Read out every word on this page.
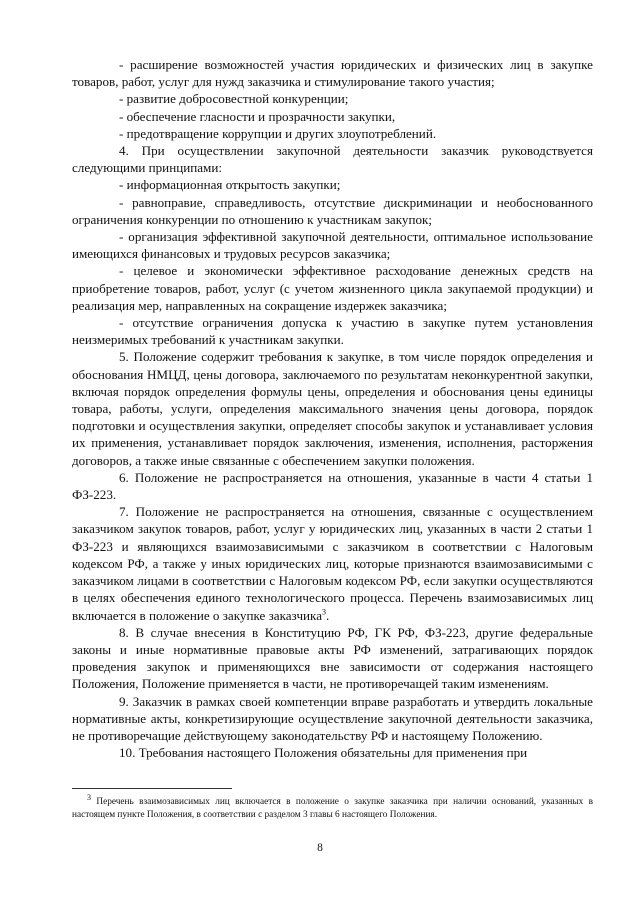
- расширение возможностей участия юридических и физических лиц в закупке товаров, работ, услуг для нужд заказчика и стимулирование такого участия;

- развитие добросовестной конкуренции;

- обеспечение гласности и прозрачности закупки,

- предотвращение коррупции и других злоупотреблений.

4. При осуществлении закупочной деятельности заказчик руководствуется следующими принципами:

- информационная открытость закупки;

- равноправие, справедливость, отсутствие дискриминации и необоснованного ограничения конкуренции по отношению к участникам закупок;

- организация эффективной закупочной деятельности, оптимальное использование имеющихся финансовых и трудовых ресурсов заказчика;

- целевое и экономически эффективное расходование денежных средств на приобретение товаров, работ, услуг (с учетом жизненного цикла закупаемой продукции) и реализация мер, направленных на сокращение издержек заказчика;

- отсутствие ограничения допуска к участию в закупке путем установления неизмеримых требований к участникам закупки.

5. Положение содержит требования к закупке, в том числе порядок определения и обоснования НМЦД, цены договора, заключаемого по результатам неконкурентной закупки, включая порядок определения формулы цены, определения и обоснования цены единицы товара, работы, услуги, определения максимального значения цены договора, порядок подготовки и осуществления закупки, определяет способы закупок и устанавливает условия их применения, устанавливает порядок заключения, изменения, исполнения, расторжения договоров, а также иные связанные с обеспечением закупки положения.

6. Положение не распространяется на отношения, указанные в части 4 статьи 1 ФЗ-223.

7. Положение не распространяется на отношения, связанные с осуществлением заказчиком закупок товаров, работ, услуг у юридических лиц, указанных в части 2 статьи 1 ФЗ-223 и являющихся взаимозависимыми с заказчиком в соответствии с Налоговым кодексом РФ, а также у иных юридических лиц, которые признаются взаимозависимыми с заказчиком лицами в соответствии с Налоговым кодексом РФ, если закупки осуществляются в целях обеспечения единого технологического процесса. Перечень взаимозависимых лиц включается в положение о закупке заказчика$^3$.

8. В случае внесения в Конституцию РФ, ГК РФ, ФЗ-223, другие федеральные законы и иные нормативные правовые акты РФ изменений, затрагивающих порядок проведения закупок и применяющихся вне зависимости от содержания настоящего Положения, Положение применяется в части, не противоречащей таким изменениям.

9. Заказчик в рамках своей компетенции вправе разработать и утвердить локальные нормативные акты, конкретизирующие осуществление закупочной деятельности заказчика, не противоречащие действующему законодательству РФ и настоящему Положению.

10. Требования настоящего Положения обязательны для применения при

$^3$ Перечень взаимозависимых лиц включается в положение о закупке заказчика при наличии оснований, указанных в настоящем пункте Положения, в соответствии с разделом 3 главы 6 настоящего Положения.

8
